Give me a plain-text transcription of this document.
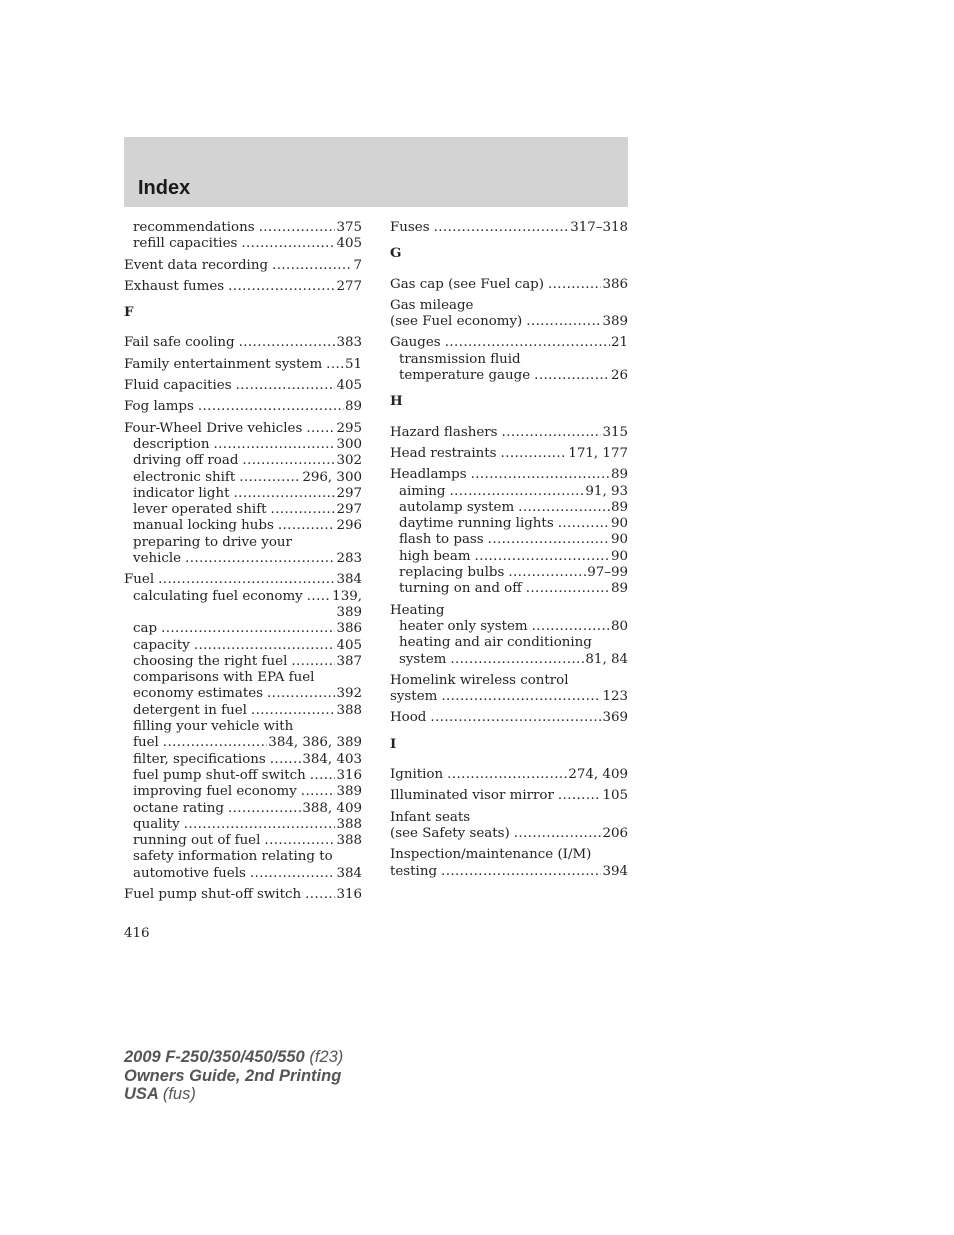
Index
recommendations .....	375
refill capacities .....	405
Event data recording .....	7
Exhaust fumes .....	277
F
Fail safe cooling .....	383
Family entertainment system ..... 51
Fluid capacities .....	405
Fog lamps .....	89
Four-Wheel Drive vehicles .....	295
description .....	300
driving off road .....	302
electronic shift .....	296, 300
indicator light .....	297
lever operated shift .....	297
manual locking hubs .....	296
preparing to drive your
vehicle .....	283
Fuel .....	384
calculating fuel economy ..... 139,
389
cap .....	386
capacity .....	405
choosing the right fuel .....	387
comparisons with EPA fuel
economy estimates .....	392
detergent in fuel .....	388
filling your vehicle with
fuel .....	384, 386, 389
filter, specifications .....	384, 403
fuel pump shut-off switch ..... 316
improving fuel economy .....	389
octane rating .....	388, 409
quality .....	388
running out of fuel .....	388
safety information relating to
automotive fuels .....	384
Fuel pump shut-off switch .....	316
Fuses .....	317–318
G
Gas cap (see Fuel cap) .....	386
Gas mileage
(see Fuel economy) .....	389
Gauges .....	21
transmission fluid
temperature gauge .....	26
H
Hazard flashers .....	315
Head restraints .....	171, 177
Headlamps .....	89
aiming .....	91, 93
autolamp system .....	89
daytime running lights .....	90
flash to pass .....	90
high beam .....	90
replacing bulbs .....	97–99
turning on and off .....	89
Heating
heater only system .....	80
heating and air conditioning
system .....	81, 84
Homelink wireless control
system .....	123
Hood .....	369
I
Ignition .....	274, 409
Illuminated visor mirror .....	105
Infant seats
(see Safety seats) .....	206
Inspection/maintenance (I/M)
testing .....	394
416
2009 F-250/350/450/550 (f23)
Owners Guide, 2nd Printing
USA (fus)
